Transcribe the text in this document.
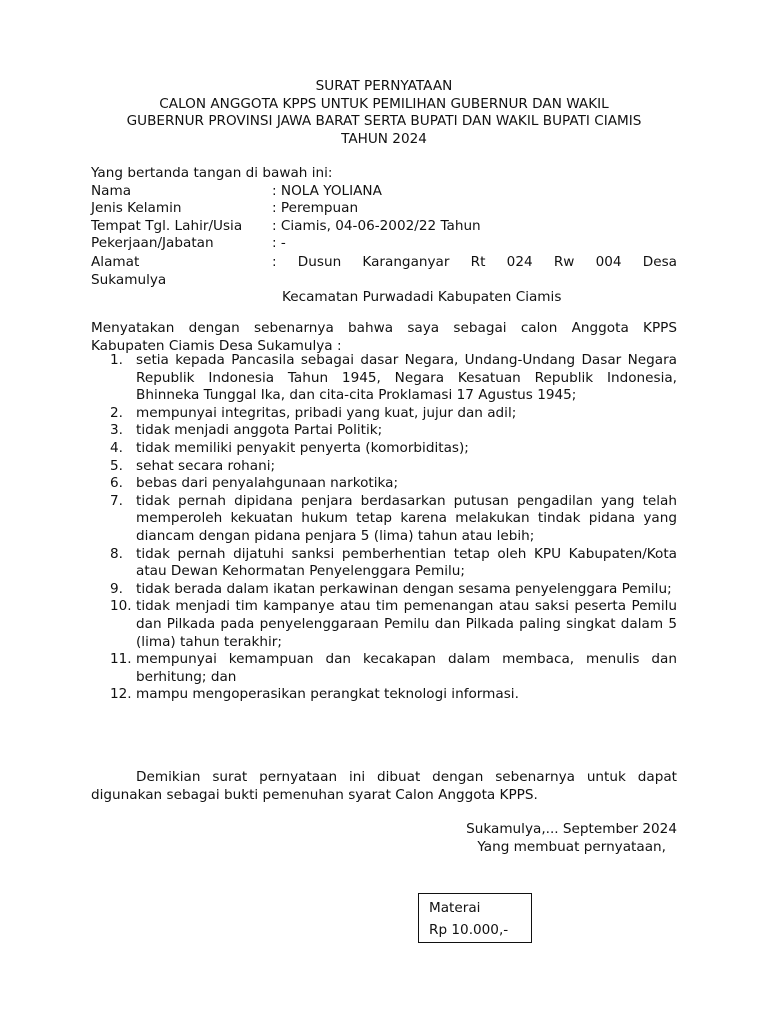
SURAT PERNYATAAN
CALON ANGGOTA KPPS UNTUK PEMILIHAN GUBERNUR DAN WAKIL
GUBERNUR PROVINSI JAWA BARAT SERTA BUPATI DAN WAKIL BUPATI CIAMIS
TAHUN 2024
Yang bertanda tangan di bawah ini:
Nama	: NOLA YOLIANA
Jenis Kelamin	: Perempuan
Tempat Tgl. Lahir/Usia	: Ciamis, 04-06-2002/22 Tahun
Pekerjaan/Jabatan	: -
Alamat	: Dusun Karanganyar Rt 024 Rw 004 Desa
Sukamulya
Kecamatan Purwadadi Kabupaten Ciamis
Menyatakan dengan sebenarnya bahwa saya sebagai calon Anggota KPPS
Kabupaten Ciamis Desa Sukamulya :
1. setia kepada Pancasila sebagai dasar Negara, Undang-Undang Dasar Negara Republik Indonesia Tahun 1945, Negara Kesatuan Republik Indonesia, Bhinneka Tunggal Ika, dan cita-cita Proklamasi 17 Agustus 1945;
2. mempunyai integritas, pribadi yang kuat, jujur dan adil;
3. tidak menjadi anggota Partai Politik;
4. tidak memiliki penyakit penyerta (komorbiditas);
5. sehat secara rohani;
6. bebas dari penyalahgunaan narkotika;
7. tidak pernah dipidana penjara berdasarkan putusan pengadilan yang telah memperoleh kekuatan hukum tetap karena melakukan tindak pidana yang diancam dengan pidana penjara 5 (lima) tahun atau lebih;
8. tidak pernah dijatuhi sanksi pemberhentian tetap oleh KPU Kabupaten/Kota atau Dewan Kehormatan Penyelenggara Pemilu;
9. tidak berada dalam ikatan perkawinan dengan sesama penyelenggara Pemilu;
10. tidak menjadi tim kampanye atau tim pemenangan atau saksi peserta Pemilu dan Pilkada pada penyelenggaraan Pemilu dan Pilkada paling singkat dalam 5 (lima) tahun terakhir;
11. mempunyai kemampuan dan kecakapan dalam membaca, menulis dan berhitung; dan
12. mampu mengoperasikan perangkat teknologi informasi.
Demikian surat pernyataan ini dibuat dengan sebenarnya untuk dapat
digunakan sebagai bukti pemenuhan syarat Calon Anggota KPPS.
Sukamulya,... September 2024
Yang membuat pernyataan,
Materai
Rp 10.000,-
